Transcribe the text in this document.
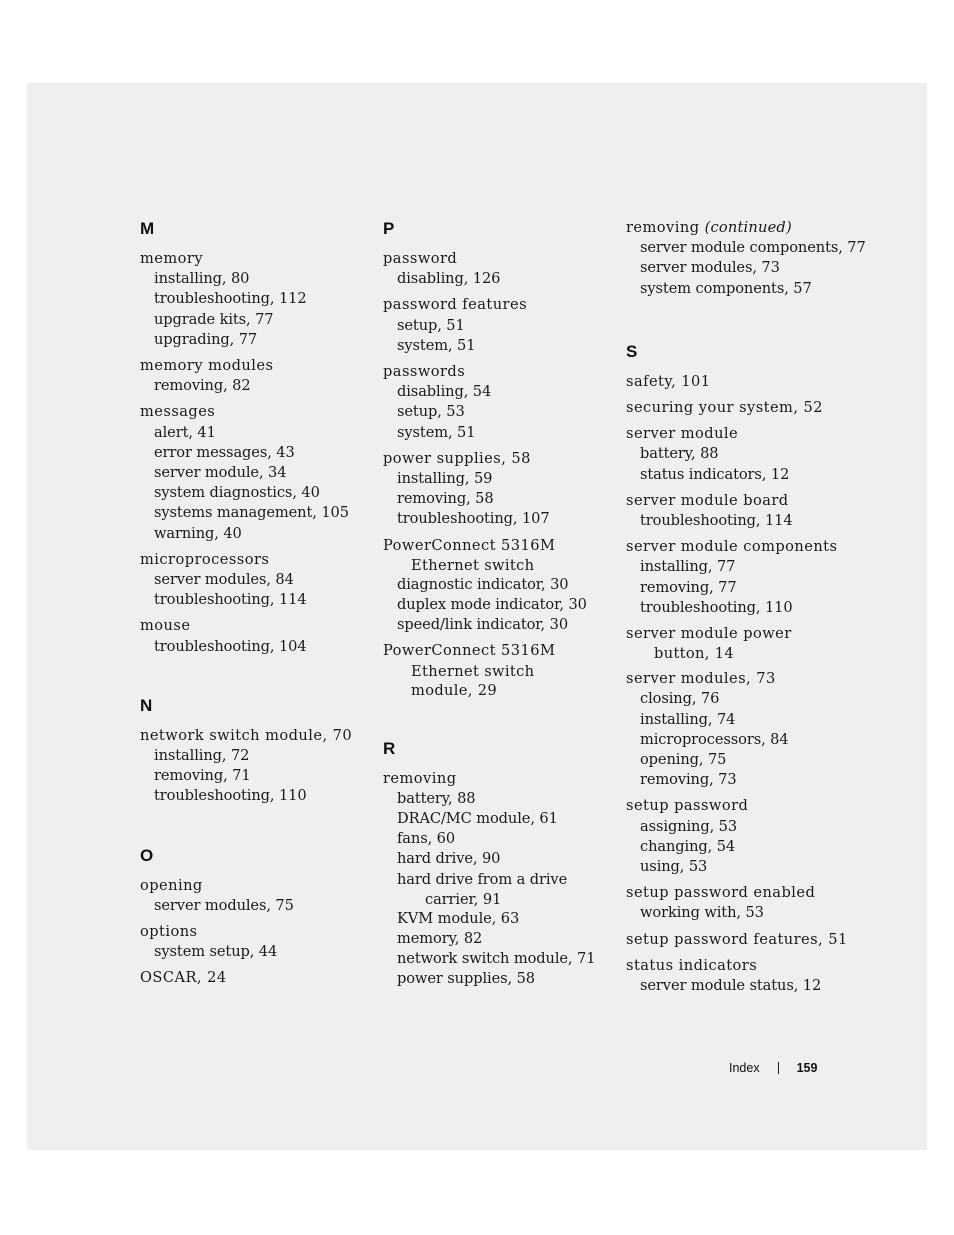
M
memory
installing, 80
troubleshooting, 112
upgrade kits, 77
upgrading, 77
memory modules
removing, 82
messages
alert, 41
error messages, 43
server module, 34
system diagnostics, 40
systems management, 105
warning, 40
microprocessors
server modules, 84
troubleshooting, 114
mouse
troubleshooting, 104
N
network switch module, 70
installing, 72
removing, 71
troubleshooting, 110
O
opening
server modules, 75
options
system setup, 44
OSCAR, 24
P
password
disabling, 126
password features
setup, 51
system, 51
passwords
disabling, 54
setup, 53
system, 51
power supplies, 58
installing, 59
removing, 58
troubleshooting, 107
PowerConnect 5316M
Ethernet switch
diagnostic indicator, 30
duplex mode indicator, 30
speed/link indicator, 30
PowerConnect 5316M
Ethernet switch
module, 29
R
removing
battery, 88
DRAC/MC module, 61
fans, 60
hard drive, 90
hard drive from a drive
carrier, 91
KVM module, 63
memory, 82
network switch module, 71
power supplies, 58
removing (continued)
server module components, 77
server modules, 73
system components, 57
S
safety, 101
securing your system, 52
server module
battery, 88
status indicators, 12
server module board
troubleshooting, 114
server module components
installing, 77
removing, 77
troubleshooting, 110
server module power
button, 14
server modules, 73
closing, 76
installing, 74
microprocessors, 84
opening, 75
removing, 73
setup password
assigning, 53
changing, 54
using, 53
setup password enabled
working with, 53
setup password features, 51
status indicators
server module status, 12
Index	159
